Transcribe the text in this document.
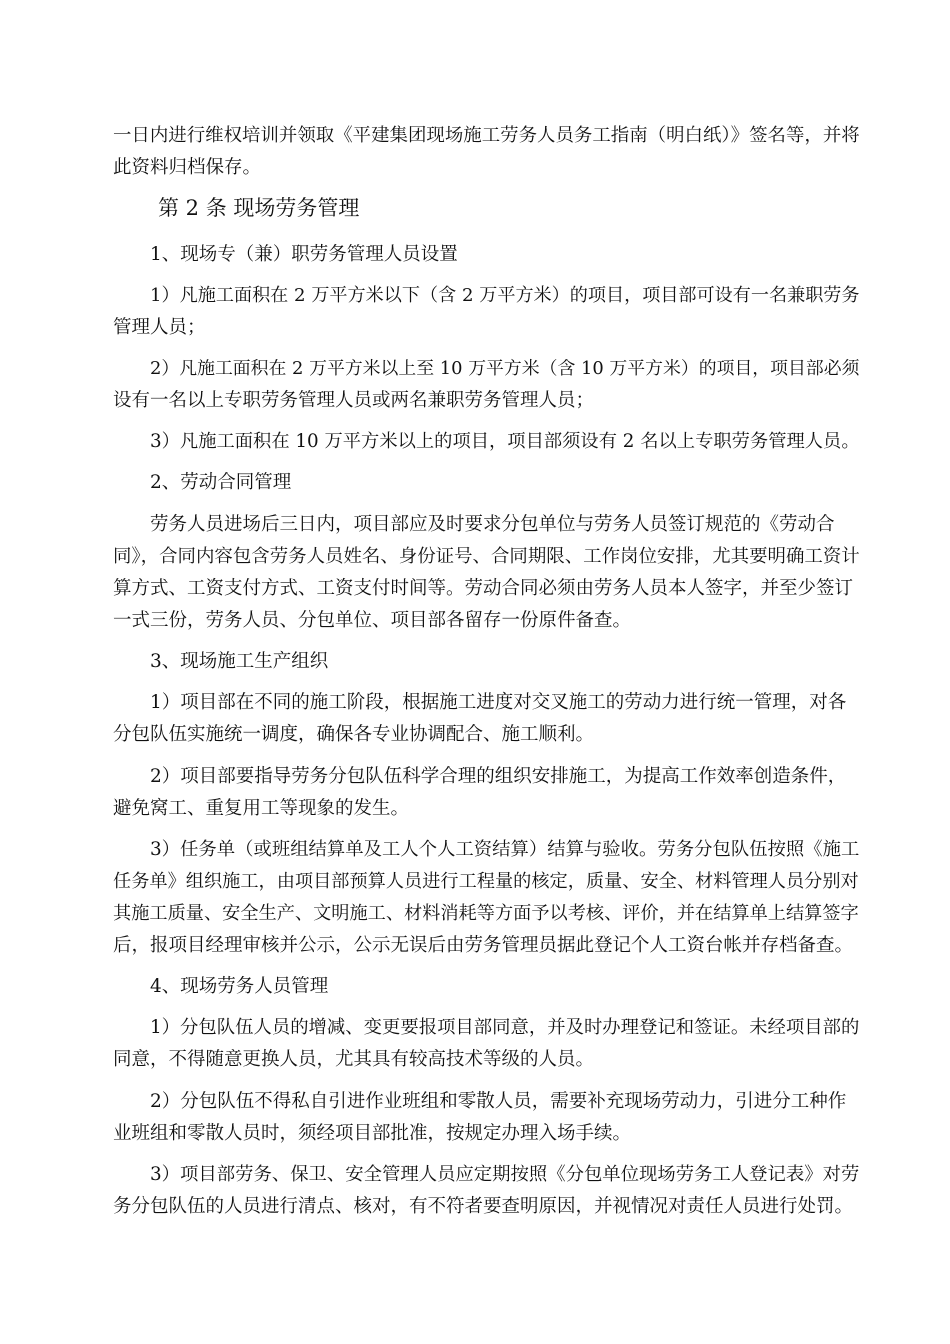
一日内进行维权培训并领取《平建集团现场施工劳务人员务工指南（明白纸）》签名等，并将
此资料归档保存。
第 2 条 现场劳务管理
1、现场专（兼）职劳务管理人员设置
1）凡施工面积在 2 万平方米以下（含 2 万平方米）的项目，项目部可设有一名兼职劳务
管理人员；
2）凡施工面积在 2 万平方米以上至 10 万平方米（含 10 万平方米）的项目，项目部必须
设有一名以上专职劳务管理人员或两名兼职劳务管理人员；
3）凡施工面积在 10 万平方米以上的项目，项目部须设有 2 名以上专职劳务管理人员。
2、劳动合同管理
劳务人员进场后三日内，项目部应及时要求分包单位与劳务人员签订规范的《劳动合
同》，合同内容包含劳务人员姓名、身份证号、合同期限、工作岗位安排，尤其要明确工资计
算方式、工资支付方式、工资支付时间等。劳动合同必须由劳务人员本人签字，并至少签订
一式三份，劳务人员、分包单位、项目部各留存一份原件备查。
3、现场施工生产组织
1）项目部在不同的施工阶段，根据施工进度对交叉施工的劳动力进行统一管理，对各
分包队伍实施统一调度，确保各专业协调配合、施工顺利。
2）项目部要指导劳务分包队伍科学合理的组织安排施工，为提高工作效率创造条件，
避免窝工、重复用工等现象的发生。
3）任务单（或班组结算单及工人个人工资结算）结算与验收。劳务分包队伍按照《施工
任务单》组织施工，由项目部预算人员进行工程量的核定，质量、安全、材料管理人员分别对
其施工质量、安全生产、文明施工、材料消耗等方面予以考核、评价，并在结算单上结算签字
后，报项目经理审核并公示，公示无误后由劳务管理员据此登记个人工资台帐并存档备查。
4、现场劳务人员管理
1）分包队伍人员的增减、变更要报项目部同意，并及时办理登记和签证。未经项目部的
同意，不得随意更换人员，尤其具有较高技术等级的人员。
2）分包队伍不得私自引进作业班组和零散人员，需要补充现场劳动力，引进分工种作
业班组和零散人员时，须经项目部批准，按规定办理入场手续。
3）项目部劳务、保卫、安全管理人员应定期按照《分包单位现场劳务工人登记表》对劳
务分包队伍的人员进行清点、核对，有不符者要查明原因，并视情况对责任人员进行处罚。
